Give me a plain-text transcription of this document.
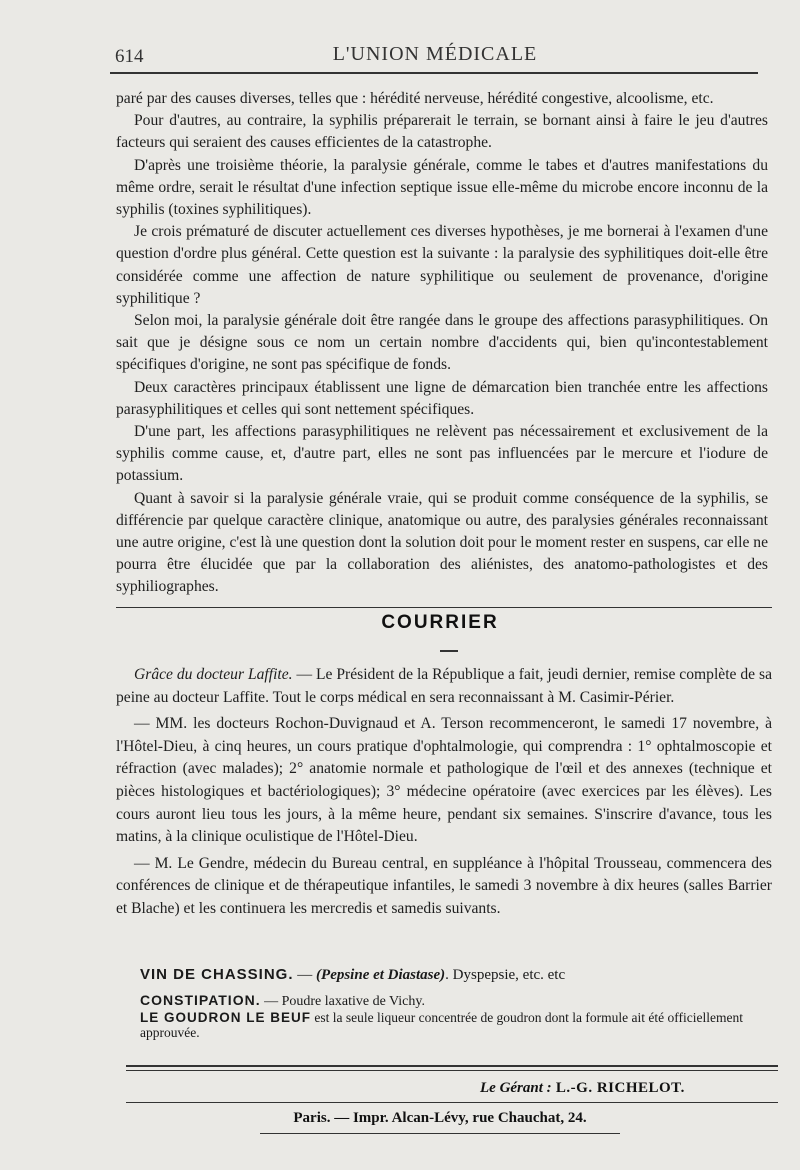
614	L'UNION MÉDICALE

paré par des causes diverses, telles que : hérédité nerveuse, hérédité congestive, alcoolisme, etc.

Pour d'autres, au contraire, la syphilis préparerait le terrain, se bornant ainsi à faire le jeu d'autres facteurs qui seraient des causes efficientes de la catastrophe.

D'après une troisième théorie, la paralysie générale, comme le tabes et d'autres manifestations du même ordre, serait le résultat d'une infection septique issue elle-même du microbe encore inconnu de la syphilis (toxines syphilitiques).

Je crois prématuré de discuter actuellement ces diverses hypothèses, je me bornerai à l'examen d'une question d'ordre plus général. Cette question est la suivante : la paralysie des syphilitiques doit-elle être considérée comme une affection de nature syphilitique ou seulement de provenance, d'origine syphilitique ?

Selon moi, la paralysie générale doit être rangée dans le groupe des affections parasyphilitiques. On sait que je désigne sous ce nom un certain nombre d'accidents qui, bien qu'incontestablement spécifiques d'origine, ne sont pas spécifique de fonds.

Deux caractères principaux établissent une ligne de démarcation bien tranchée entre les affections parasyphilitiques et celles qui sont nettement spécifiques.

D'une part, les affections parasyphilitiques ne relèvent pas nécessairement et exclusivement de la syphilis comme cause, et, d'autre part, elles ne sont pas influencées par le mercure et l'iodure de potassium.

Quant à savoir si la paralysie générale vraie, qui se produit comme conséquence de la syphilis, se différencie par quelque caractère clinique, anatomique ou autre, des paralysies générales reconnaissant une autre origine, c'est là une question dont la solution doit pour le moment rester en suspens, car elle ne pourra être élucidée que par la collaboration des aliénistes, des anatomo-pathologistes et des syphiliographes.

COURRIER

Grâce du docteur Laffite. — Le Président de la République a fait, jeudi dernier, remise complète de sa peine au docteur Laffite. Tout le corps médical en sera reconnaissant à M. Casimir-Périer.

— MM. les docteurs Rochon-Duvignaud et A. Terson recommenceront, le samedi 17 novembre, à l'Hôtel-Dieu, à cinq heures, un cours pratique d'ophtalmologie, qui comprendra : 1° ophtalmoscopie et réfraction (avec malades); 2° anatomie normale et pathologique de l'œil et des annexes (technique et pièces histologiques et bactériologiques); 3° médecine opératoire (avec exercices par les élèves). Les cours auront lieu tous les jours, à la même heure, pendant six semaines. S'inscrire d'avance, tous les matins, à la clinique oculistique de l'Hôtel-Dieu.

— M. Le Gendre, médecin du Bureau central, en suppléance à l'hôpital Trousseau, commencera des conférences de clinique et de thérapeutique infantiles, le samedi 3 novembre à dix heures (salles Barrier et Blache) et les continuera les mercredis et samedis suivants.

VIN DE CHASSING. — (Pepsine et Diastase). Dyspepsie, etc. etc

CONSTIPATION. — Poudre laxative de Vichy.

LE GOUDRON LE BEUF est la seule liqueur concentrée de goudron dont la formule ait été officiellement approuvée.

Le Gérant : L.-G. RICHELOT.
Paris. — Impr. Alcan-Lévy, rue Chauchat, 24.
